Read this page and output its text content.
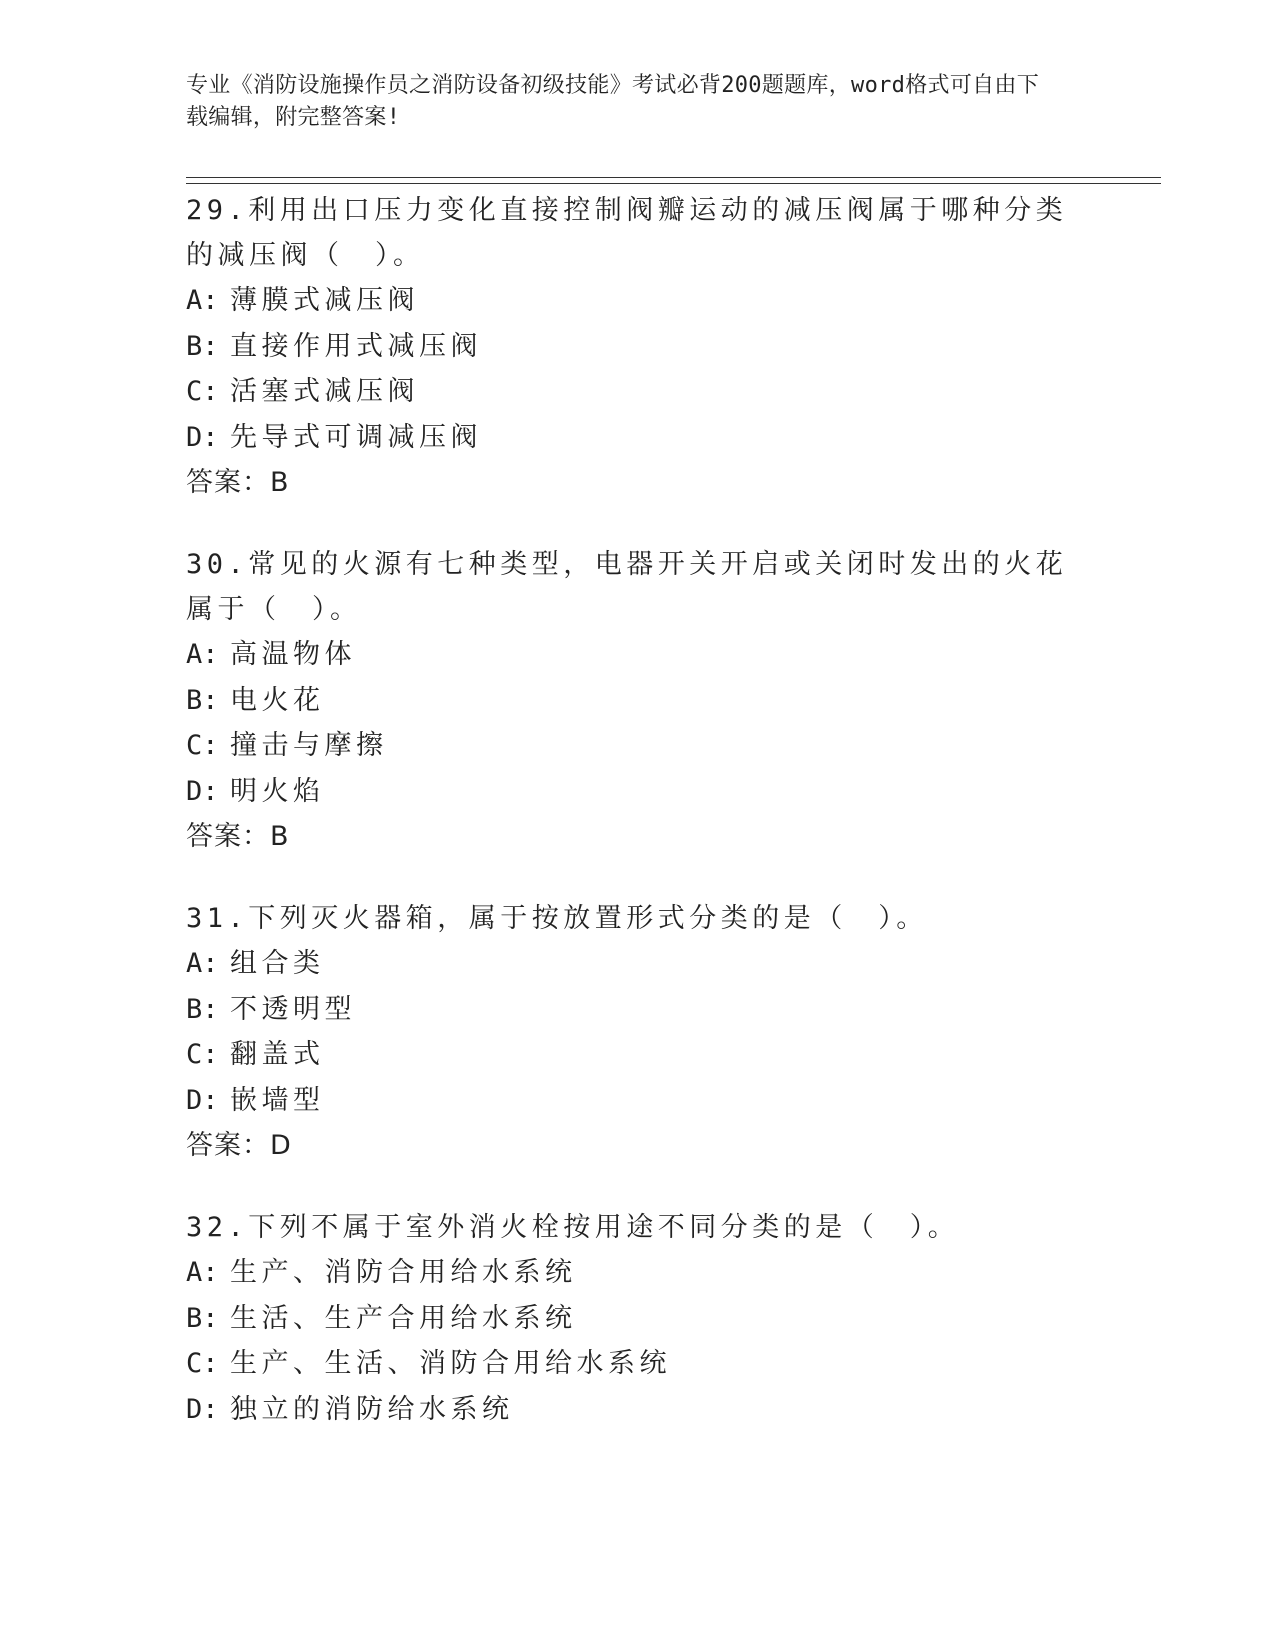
专业《消防设施操作员之消防设备初级技能》考试必背200题题库，word格式可自由下载编辑，附完整答案!

29.利用出口压力变化直接控制阀瓣运动的减压阀属于哪种分类的减压阀（　）。

A: 薄膜式减压阀

B: 直接作用式减压阀

C: 活塞式减压阀

D: 先导式可调减压阀

答案：B

30.常见的火源有七种类型，电器开关开启或关闭时发出的火花属于（　）。

A: 高温物体

B: 电火花

C: 撞击与摩擦

D: 明火焰

答案：B

31.下列灭火器箱，属于按放置形式分类的是（　）。

A: 组合类

B: 不透明型

C: 翻盖式

D: 嵌墙型

答案：D

32.下列不属于室外消火栓按用途不同分类的是（　）。

A: 生产、消防合用给水系统

B: 生活、生产合用给水系统

C: 生产、生活、消防合用给水系统

D: 独立的消防给水系统
